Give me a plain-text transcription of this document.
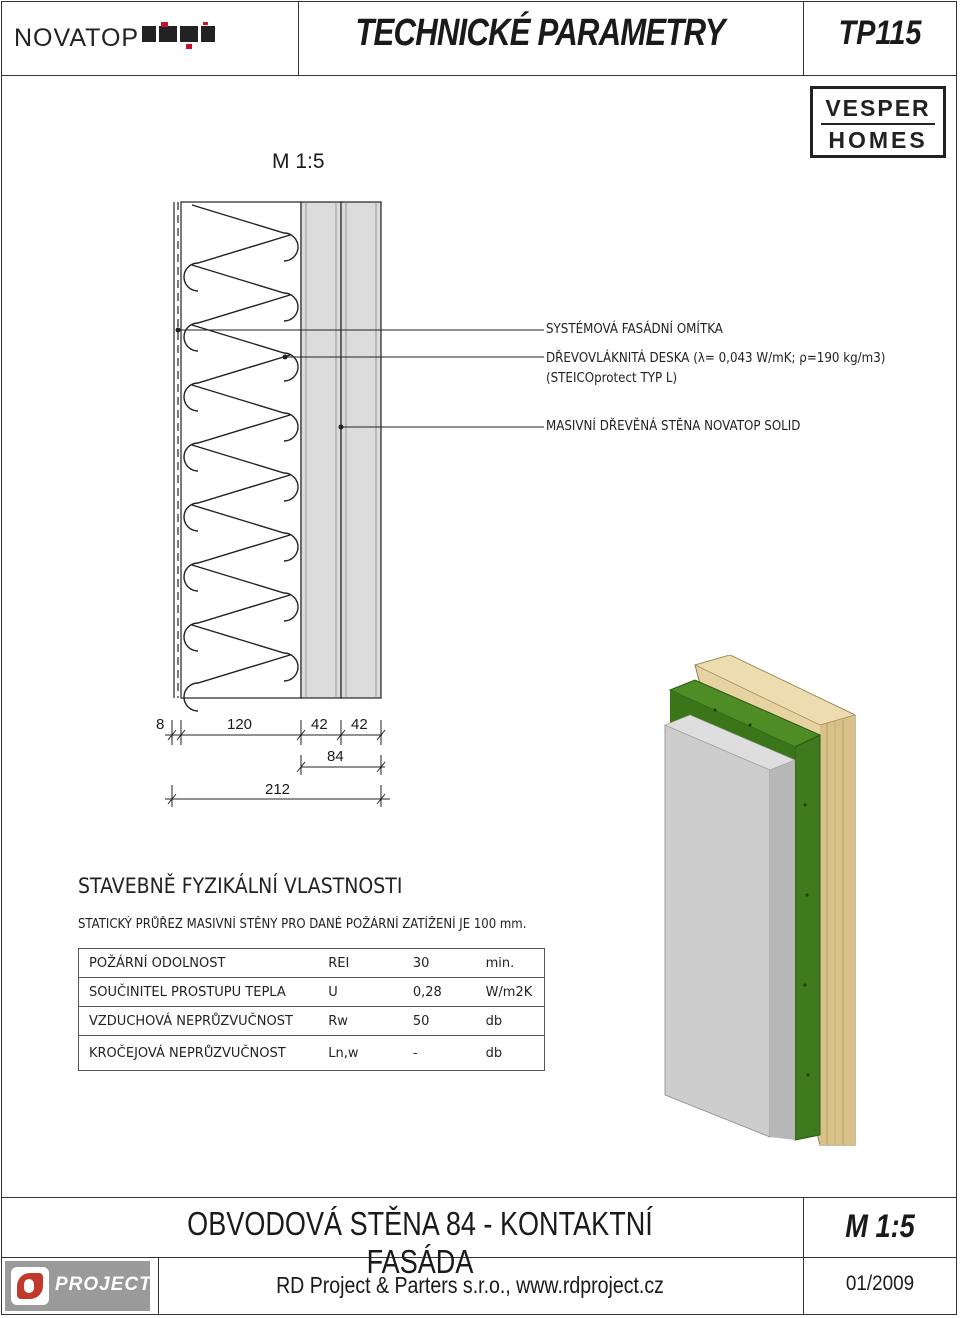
NOVATOP	TECHNICKÉ PARAMETRY	TP115
VESPER
HOMES
M 1:5
8	120	42 42
84
212
SYSTÉMOVÁ FASÁDNÍ OMÍTKA
DŘEVOVLÁKNITÁ DESKA (λ= 0,043 W/mK; ρ=190 kg/m3)
(STEICOprotect TYP L)
MASIVNÍ DŘEVĚNÁ STĚNA NOVATOP SOLID
STAVEBNĚ FYZIKÁLNÍ VLASTNOSTI
STATICKÝ PRŮŘEZ MASIVNÍ STĚNY PRO DANÉ POŽÁRNÍ ZATÍŽENÍ JE 100 mm.
POŽÁRNÍ ODOLNOST	REI	30	min.
SOUČINITEL PROSTUPU TEPLA	U	0,28	W/m2K
VZDUCHOVÁ NEPRŮZVUČNOST	Rw	50	db
KROČEJOVÁ NEPRŮZVUČNOST	Ln,w	-	db
OBVODOVÁ STĚNA 84 - KONTAKTNÍ FASÁDA
M 1:5
PROJECT	RD Project & Parters s.r.o., www.rdproject.cz	01/2009
